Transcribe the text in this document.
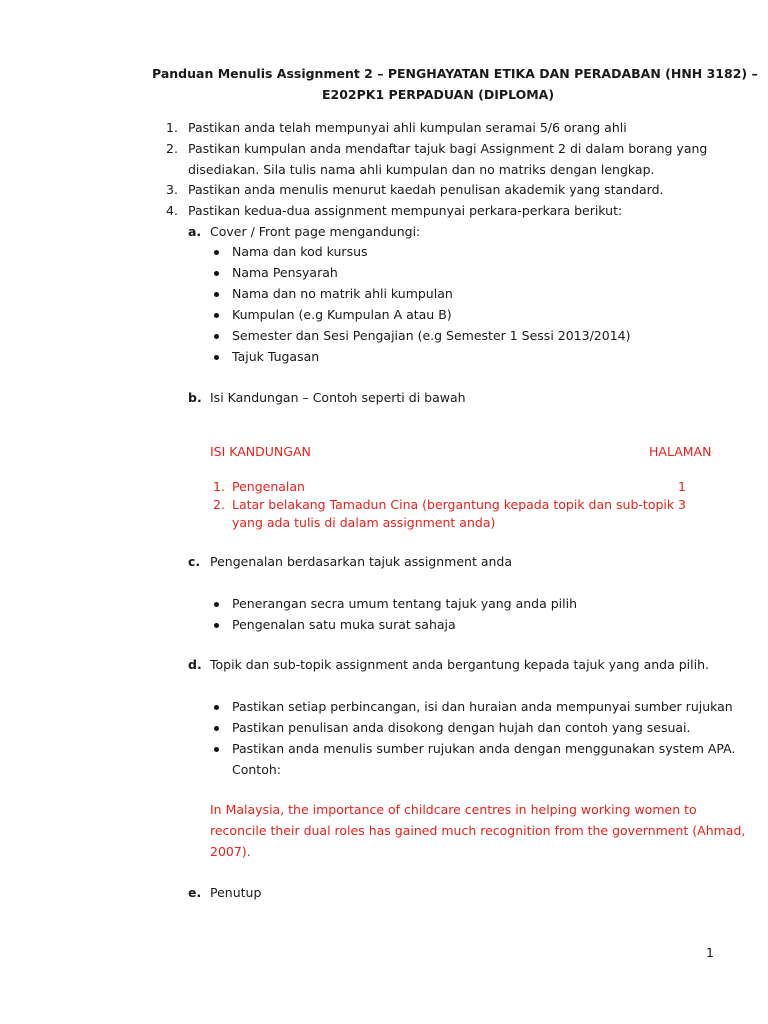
Panduan Menulis Assignment 2 – PENGHAYATAN ETIKA DAN PERADABAN (HNH 3182) –
E202PK1 PERPADUAN (DIPLOMA)
1. Pastikan anda telah mempunyai ahli kumpulan seramai 5/6 orang ahli
2. Pastikan kumpulan anda mendaftar tajuk bagi Assignment 2 di dalam borang yang
disediakan. Sila tulis nama ahli kumpulan dan no matriks dengan lengkap.
3. Pastikan anda menulis menurut kaedah penulisan akademik yang standard.
4. Pastikan kedua-dua assignment mempunyai perkara-perkara berikut:
a. Cover / Front page mengandungi:
Nama dan kod kursus
Nama Pensyarah
Nama dan no matrik ahli kumpulan
Kumpulan (e.g Kumpulan A atau B)
Semester dan Sesi Pengajian (e.g Semester 1 Sessi 2013/2014)
Tajuk Tugasan
b. Isi Kandungan – Contoh seperti di bawah
ISI KANDUNGAN	HALAMAN
1. Pengenalan	1
2. Latar belakang Tamadun Cina (bergantung kepada topik dan sub-topik 3
yang ada tulis di dalam assignment anda)
c. Pengenalan berdasarkan tajuk assignment anda
Penerangan secra umum tentang tajuk yang anda pilih
Pengenalan satu muka surat sahaja
d. Topik dan sub-topik assignment anda bergantung kepada tajuk yang anda pilih.
Pastikan setiap perbincangan, isi dan huraian anda mempunyai sumber rujukan
Pastikan penulisan anda disokong dengan hujah dan contoh yang sesuai.
Pastikan anda menulis sumber rujukan anda dengan menggunakan system APA.
Contoh:
In Malaysia, the importance of childcare centres in helping working women to
reconcile their dual roles has gained much recognition from the government (Ahmad,
2007).
e. Penutup
1
